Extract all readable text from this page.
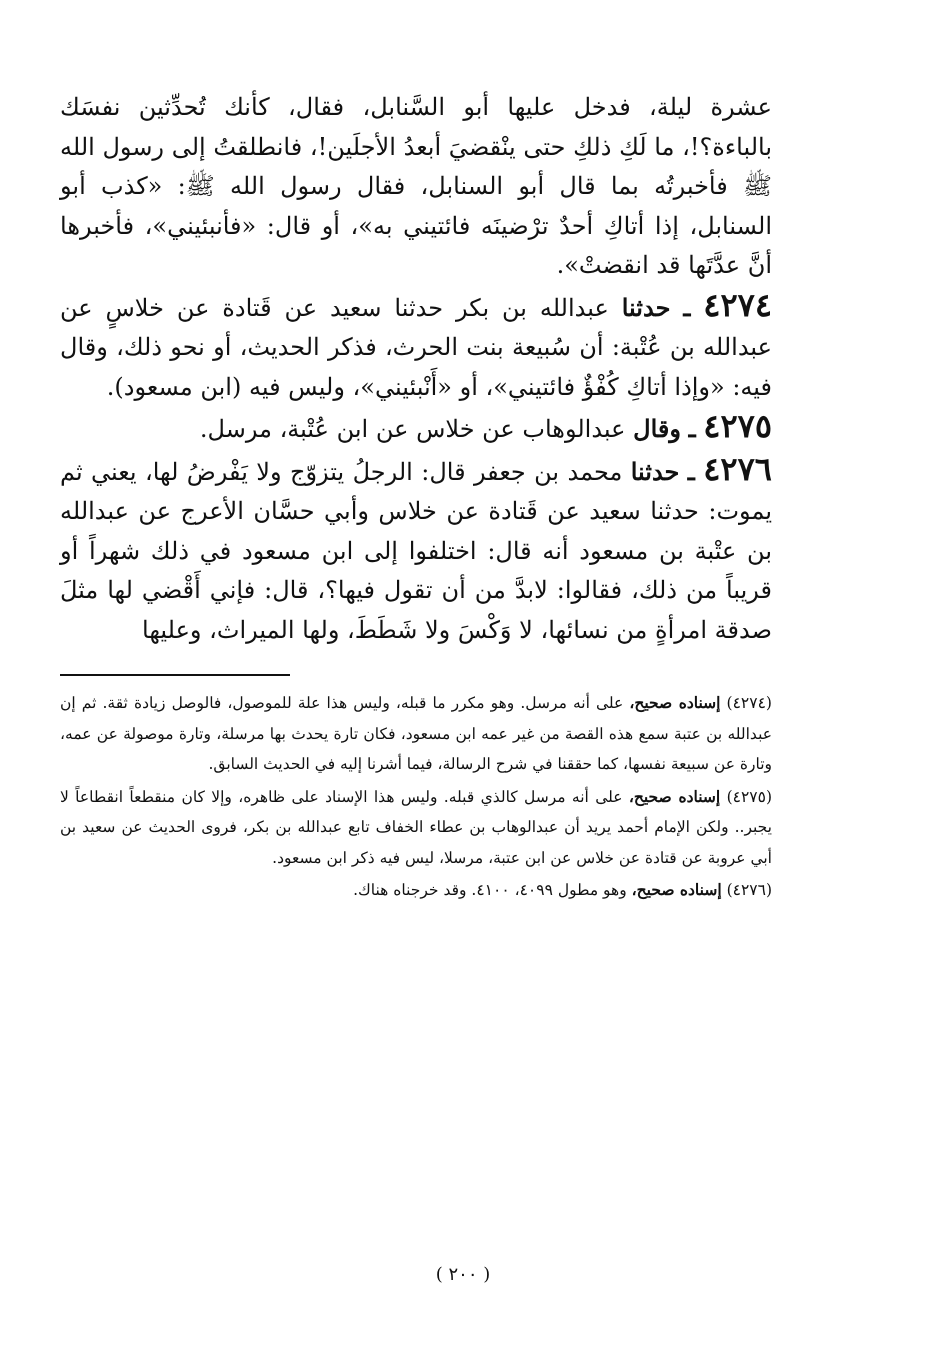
عشرة ليلة، فدخل عليها أبو السَّنابل، فقال، كأنك تُحدِّثين نفسَك بالباءة؟!، ما لَكِ ذلكِ حتى ينْقضيَ أبعدُ الأجلَين!، فانطلقتُ إلى رسول الله ﷺ فأخبرتُه بما قال أبو السنابل، فقال رسول الله ﷺ: «كذب أبو السنابل، إذا أتاكِ أحدٌ ترْضينَه فائتيني به»، أو قال: «فأنبئيني»، فأخبرها أنَّ عدَّتَها قد انقضتْ».

٤٢٧٤ ـ حدثنا عبدالله بن بكر حدثنا سعيد عن قَتادة عن خلاسٍ عن عبدالله بن عُتْبة: أن سُبيعة بنت الحرث، فذكر الحديث، أو نحو ذلك، وقال فيه: «وإذا أتاكِ كُفْؤٌ فائتيني»، أو «أَنْبئيني»، وليس فيه (ابن مسعود).

٤٢٧٥ ـ وقال عبدالوهاب عن خلاس عن ابن عُتْبة، مرسل.

٤٢٧٦ ـ حدثنا محمد بن جعفر قال: الرجلُ يتزوّج ولا يَفْرضُ لها، يعني ثم يموت: حدثنا سعيد عن قَتادة عن خلاس وأبي حسَّان الأعرج عن عبدالله بن عتْبة بن مسعود أنه قال: اختلفوا إلى ابن مسعود في ذلك شهراً أو قريباً من ذلك، فقالوا: لابدَّ من أن تقول فيها؟، قال: فإني أَقْضي لها مثلَ صدقة امرأةٍ من نسائها، لا وَكْسَ ولا شَطَطَ، ولها الميراث، وعليها

(٤٢٧٤) إسناده صحيح، على أنه مرسل. وهو مكرر ما قبله، وليس هذا علة للموصول، فالوصل زيادة ثقة. ثم إن عبدالله بن عتبة سمع هذه القصة من غير عمه ابن مسعود، فكان تارة يحدث بها مرسلة، وتارة موصولة عن عمه، وتارة عن سبيعة نفسها، كما حققنا في شرح الرسالة، فيما أشرنا إليه في الحديث السابق.

(٤٢٧٥) إسناده صحيح، على أنه مرسل كالذي قبله. وليس هذا الإسناد على ظاهره، وإلا كان منقطعاً انقطاعاً لا يجبر.. ولكن الإمام أحمد يريد أن عبدالوهاب بن عطاء الخفاف تابع عبدالله بن بكر، فروى الحديث عن سعيد بن أبي عروبة عن قتادة عن خلاس عن ابن عتبة، مرسلا، ليس فيه ذكر ابن مسعود.

(٤٢٧٦) إسناده صحيح، وهو مطول ٤٠٩٩، ٤١٠٠. وقد خرجناه هناك.

( ٢٠٠ )
